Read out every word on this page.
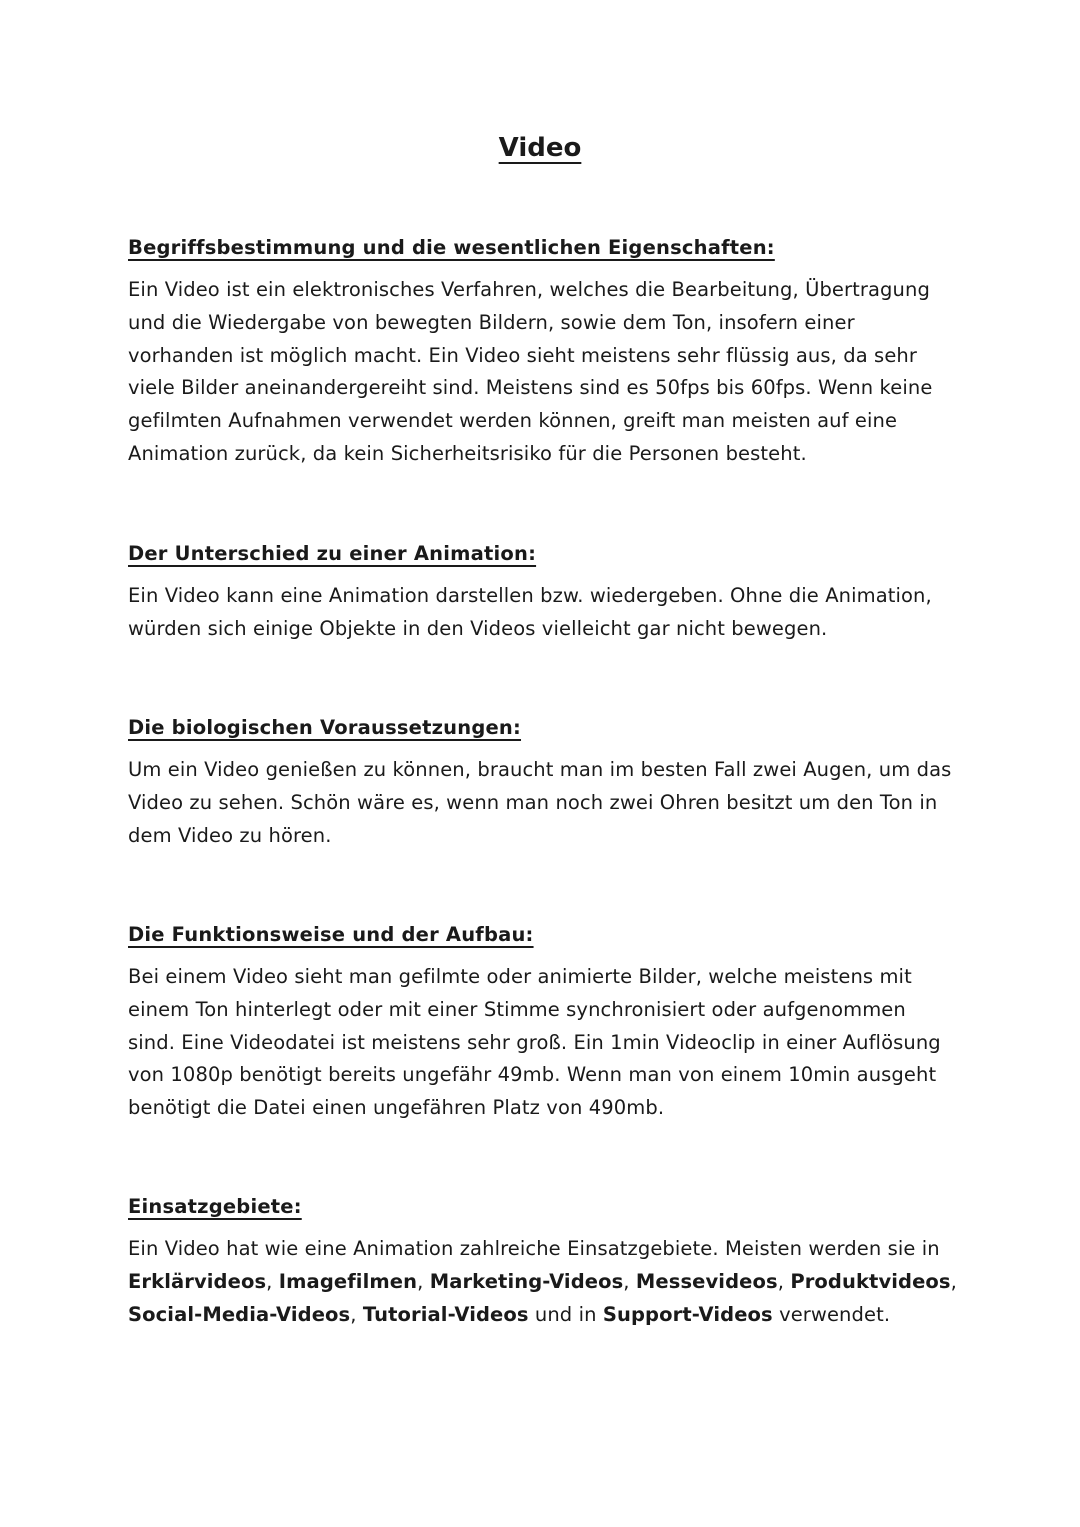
Video
Begriffsbestimmung und die wesentlichen Eigenschaften:

Ein Video ist ein elektronisches Verfahren, welches die Bearbeitung, Übertragung und die Wiedergabe von bewegten Bildern, sowie dem Ton, insofern einer vorhanden ist möglich macht. Ein Video sieht meistens sehr flüssig aus, da sehr viele Bilder aneinandergereiht sind. Meistens sind es 50fps bis 60fps. Wenn keine gefilmten Aufnahmen verwendet werden können, greift man meisten auf eine Animation zurück, da kein Sicherheitsrisiko für die Personen besteht.

Der Unterschied zu einer Animation:

Ein Video kann eine Animation darstellen bzw. wiedergeben. Ohne die Animation, würden sich einige Objekte in den Videos vielleicht gar nicht bewegen.

Die biologischen Voraussetzungen:

Um ein Video genießen zu können, braucht man im besten Fall zwei Augen, um das Video zu sehen. Schön wäre es, wenn man noch zwei Ohren besitzt um den Ton in dem Video zu hören.

Die Funktionsweise und der Aufbau:

Bei einem Video sieht man gefilmte oder animierte Bilder, welche meistens mit einem Ton hinterlegt oder mit einer Stimme synchronisiert oder aufgenommen sind. Eine Videodatei ist meistens sehr groß. Ein 1min Videoclip in einer Auflösung von 1080p benötigt bereits ungefähr 49mb. Wenn man von einem 10min ausgeht benötigt die Datei einen ungefähren Platz von 490mb.

Einsatzgebiete:

Ein Video hat wie eine Animation zahlreiche Einsatzgebiete. Meisten werden sie in Erklärvideos, Imagefilmen, Marketing-Videos, Messevideos, Produktvideos, Social-Media-Videos, Tutorial-Videos und in Support-Videos verwendet.
